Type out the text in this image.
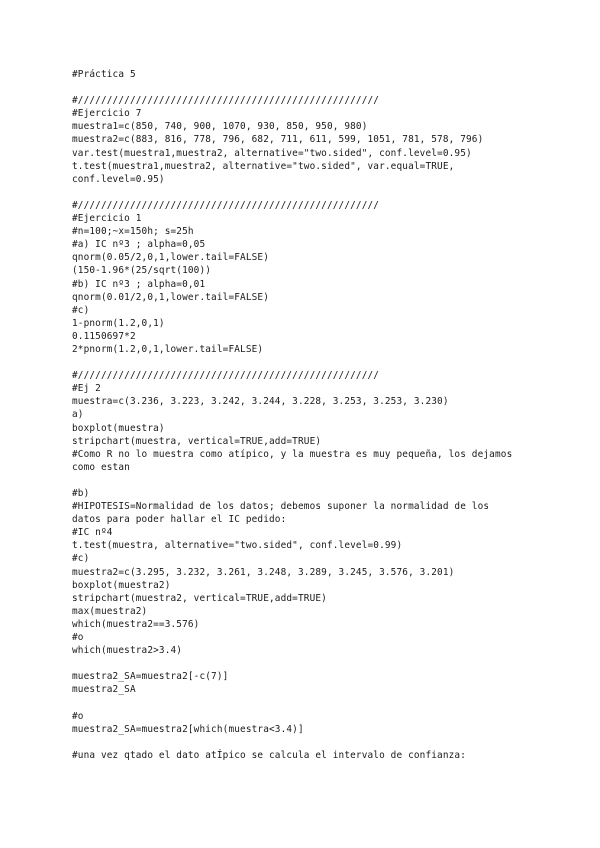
#Práctica 5
#////////////////////////////////////////////////////
#Ejercicio 7
muestra1=c(850, 740, 900, 1070, 930, 850, 950, 980)
muestra2=c(883, 816, 778, 796, 682, 711, 611, 599, 1051, 781, 578, 796)
var.test(muestra1,muestra2, alternative="two.sided", conf.level=0.95)
t.test(muestra1,muestra2, alternative="two.sided", var.equal=TRUE,
conf.level=0.95)
#////////////////////////////////////////////////////
#Ejercicio 1
#n=100;~x=150h; s=25h
#a) IC nº3 ; alpha=0,05
qnorm(0.05/2,0,1,lower.tail=FALSE)
(150-1.96*(25/sqrt(100))
#b) IC nº3 ; alpha=0,01
qnorm(0.01/2,0,1,lower.tail=FALSE)
#c)
1-pnorm(1.2,0,1)
0.1150697*2
2*pnorm(1.2,0,1,lower.tail=FALSE)
#////////////////////////////////////////////////////
#Ej 2
muestra=c(3.236, 3.223, 3.242, 3.244, 3.228, 3.253, 3.253, 3.230)
a)
boxplot(muestra)
stripchart(muestra, vertical=TRUE,add=TRUE)
#Como R no lo muestra como atípico, y la muestra es muy pequeña, los dejamos
como estan
#b)
#HIPOTESIS=Normalidad de los datos; debemos suponer la normalidad de los
datos para poder hallar el IC pedido:
#IC nº4
t.test(muestra, alternative="two.sided", conf.level=0.99)
#c)
muestra2=c(3.295, 3.232, 3.261, 3.248, 3.289, 3.245, 3.576, 3.201)
boxplot(muestra2)
stripchart(muestra2, vertical=TRUE,add=TRUE)
max(muestra2)
which(muestra2==3.576)
#o
which(muestra2>3.4)
muestra2_SA=muestra2[-c(7)]
muestra2_SA
#o
muestra2_SA=muestra2[which(muestra<3.4)]
#una vez qtado el dato atÍpico se calcula el intervalo de confianza:
